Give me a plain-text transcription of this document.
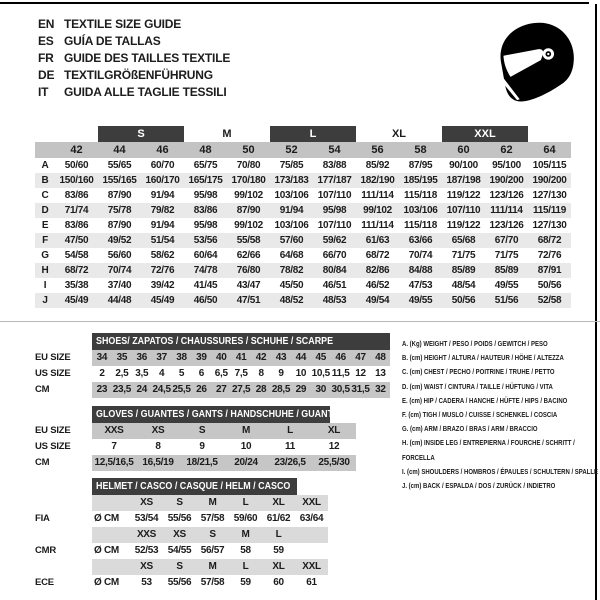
EN TEXTILE SIZE GUIDE
ES GUÍA DE TALLAS
FR GUIDE DES TAILLES TEXTILE
DE TEXTILGRÖßENFÜHRUNG
IT	GUIDA ALLE TAGLIE TESSILI
		S		M		L		XL		XXL		
	42	44	46	48	50	52	54	56	58	60	62	64
A	50/60	55/65	60/70	65/75	70/80	75/85	83/88	85/92	87/95	90/100	95/100	105/115
B	150/160	155/165	160/170	165/175	170/180	173/183	177/187	182/190	185/195	187/198	190/200	190/200
C	83/86	87/90	91/94	95/98	99/102	103/106	107/110	111/114	115/118	119/122	123/126	127/130
D	71/74	75/78	79/82	83/86	87/90	91/94	95/98	99/102	103/106	107/110	111/114	115/119
E	83/86	87/90	91/94	95/98	99/102	103/106	107/110	111/114	115/118	119/122	123/126	127/130
F	47/50	49/52	51/54	53/56	55/58	57/60	59/62	61/63	63/66	65/68	67/70	68/72
G	54/58	56/60	58/62	60/64	62/66	64/68	66/70	68/72	70/74	71/75	71/75	72/76
H	68/72	70/74	72/76	74/78	76/80	78/82	80/84	82/86	84/88	85/89	85/89	87/91
I	35/38	37/40	39/42	41/45	43/47	45/50	46/51	46/52	47/53	48/54	49/55	50/56
J	45/49	44/48	45/49	46/50	47/51	48/52	48/53	49/54	49/55	50/56	51/56	52/58
SHOES/ ZAPATOS / CHAUSSURES / SCHUHE / SCARPE
EU SIZE	34 35 36 37 38 39 40 41 42 43 44 45 46 47 48
US SIZE	2	2,5 3,5	4	5	6	6,5 7,5	8	9	10 10,5 11,5 12 13
CM	23 23,5 24 24,5 25,5 26 27 27,5 28 28,5 29 30 30,5 31,5 32
GLOVES / GUANTES / GANTS / HANDSCHUHE / GUANTI
EU SIZE	XXS	XS	S	M	L	XL
US SIZE	7	8	9	10	11	12
CM	12,5/16,5 16,5/19	18/21,5	20/24	23/26,5	25,5/30
HELMET / CASCO / CASQUE / HELM / CASCO
XS	S	M	L	XL	XXL
FIA	Ø CM	53/54 55/56 57/58 59/60 61/62 63/64
XXS	XS	S	M	L
CMR	Ø CM	52/53 54/55 56/57	58	59
XS	S	M	L	XL	XXL
ECE	Ø CM	53	55/56 57/58	59	60	61
A. (Kg) WEIGHT / PESO / POIDS / GEWITCH / PESO
B. (cm) HEIGHT / ALTURA / HAUTEUR / HÖHE / ALTEZZA
C. (cm) CHEST / PECHO / POITRINE / TRUHE / PETTO
D. (cm) WAIST / CINTURA / TAILLE / HÜFTUNG / VITA
E. (cm) HIP / CADERA / HANCHE / HÜFTE / HIPS / BACINO
F. (cm) TIGH / MUSLO / CUISSE / SCHENKEL / COSCIA
G. (cm) ARM / BRAZO / BRAS / ARM / BRACCIO
H. (cm) INSIDE LEG / ENTREPIERNA / FOURCHE / SCHRITT / FORCELLA
I. (cm) SHOULDERS / HOMBROS / ÉPAULES / SCHULTERN / SPALLE
J. (cm) BACK / ESPALDA / DOS / ZURÜCK / INDIETRO
